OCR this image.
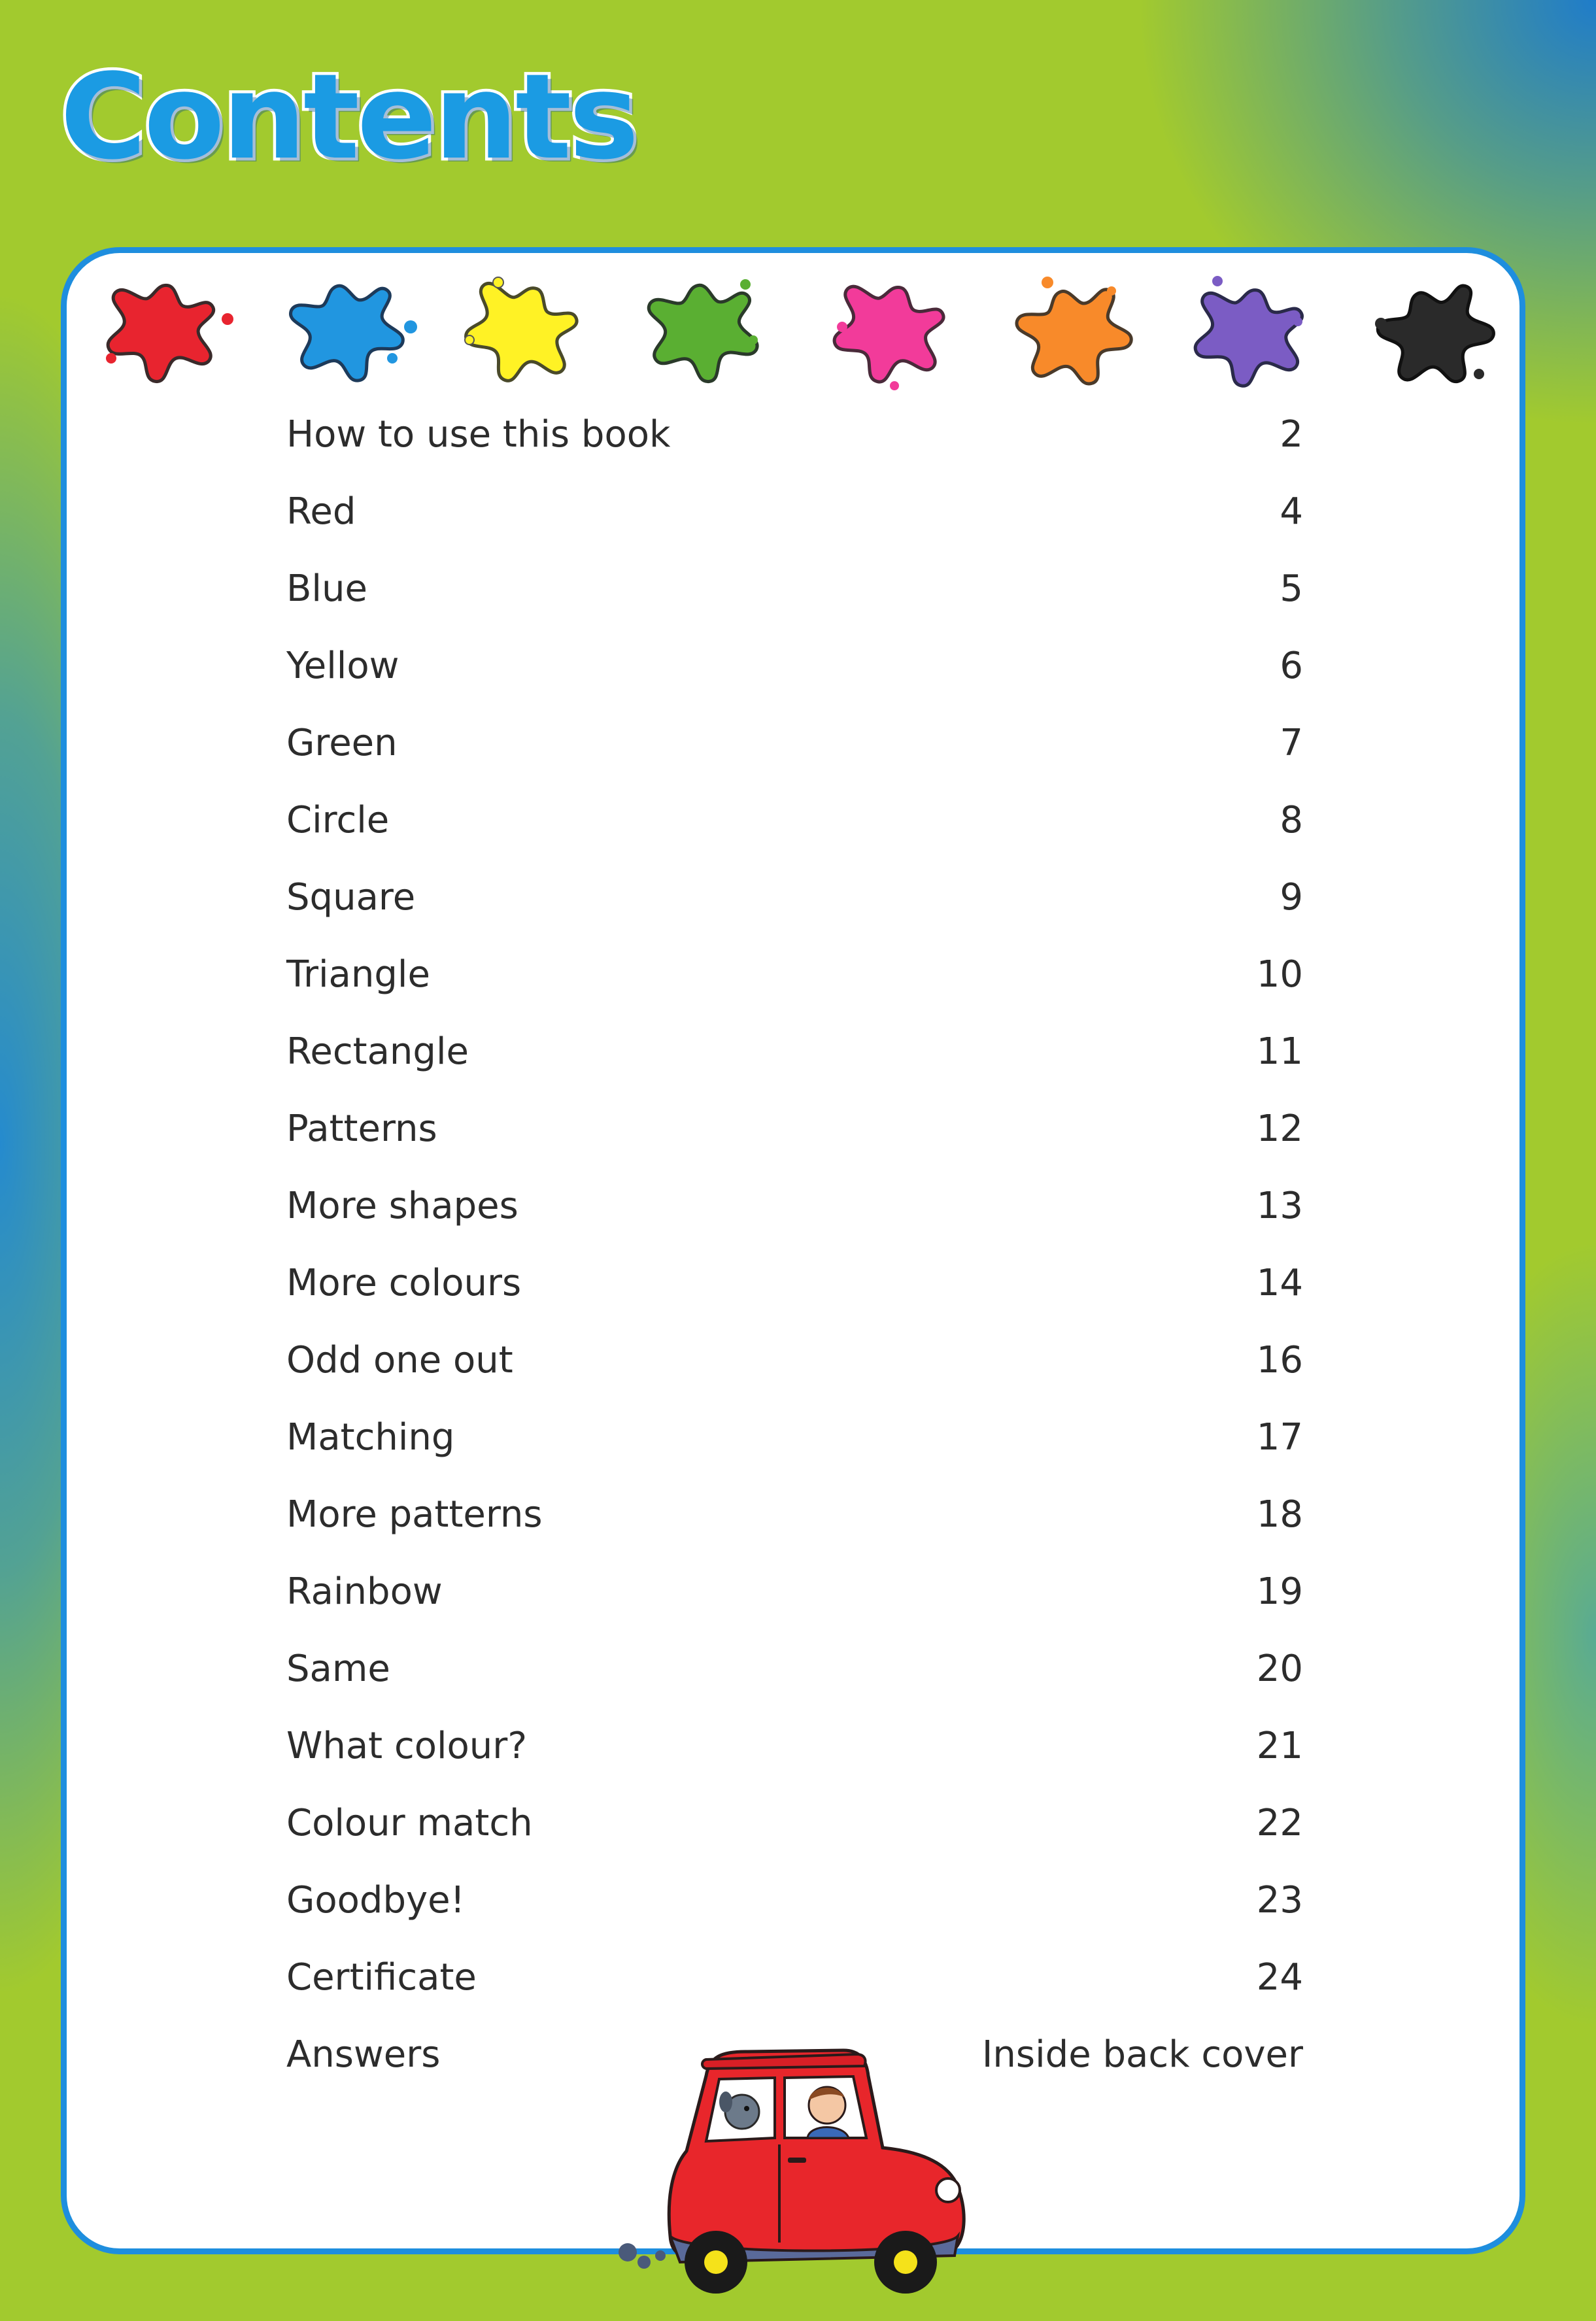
Contents
How to use this book	2
Red	4
Blue	5
Yellow	6
Green	7
Circle	8
Square	9
Triangle	10
Rectangle	11
Patterns	12
More shapes	13
More colours	14
Odd one out	16
Matching	17
More patterns	18
Rainbow	19
Same	20
What colour?	21
Colour match	22
Goodbye!	23
Certificate	24
Answers	Inside back cover
